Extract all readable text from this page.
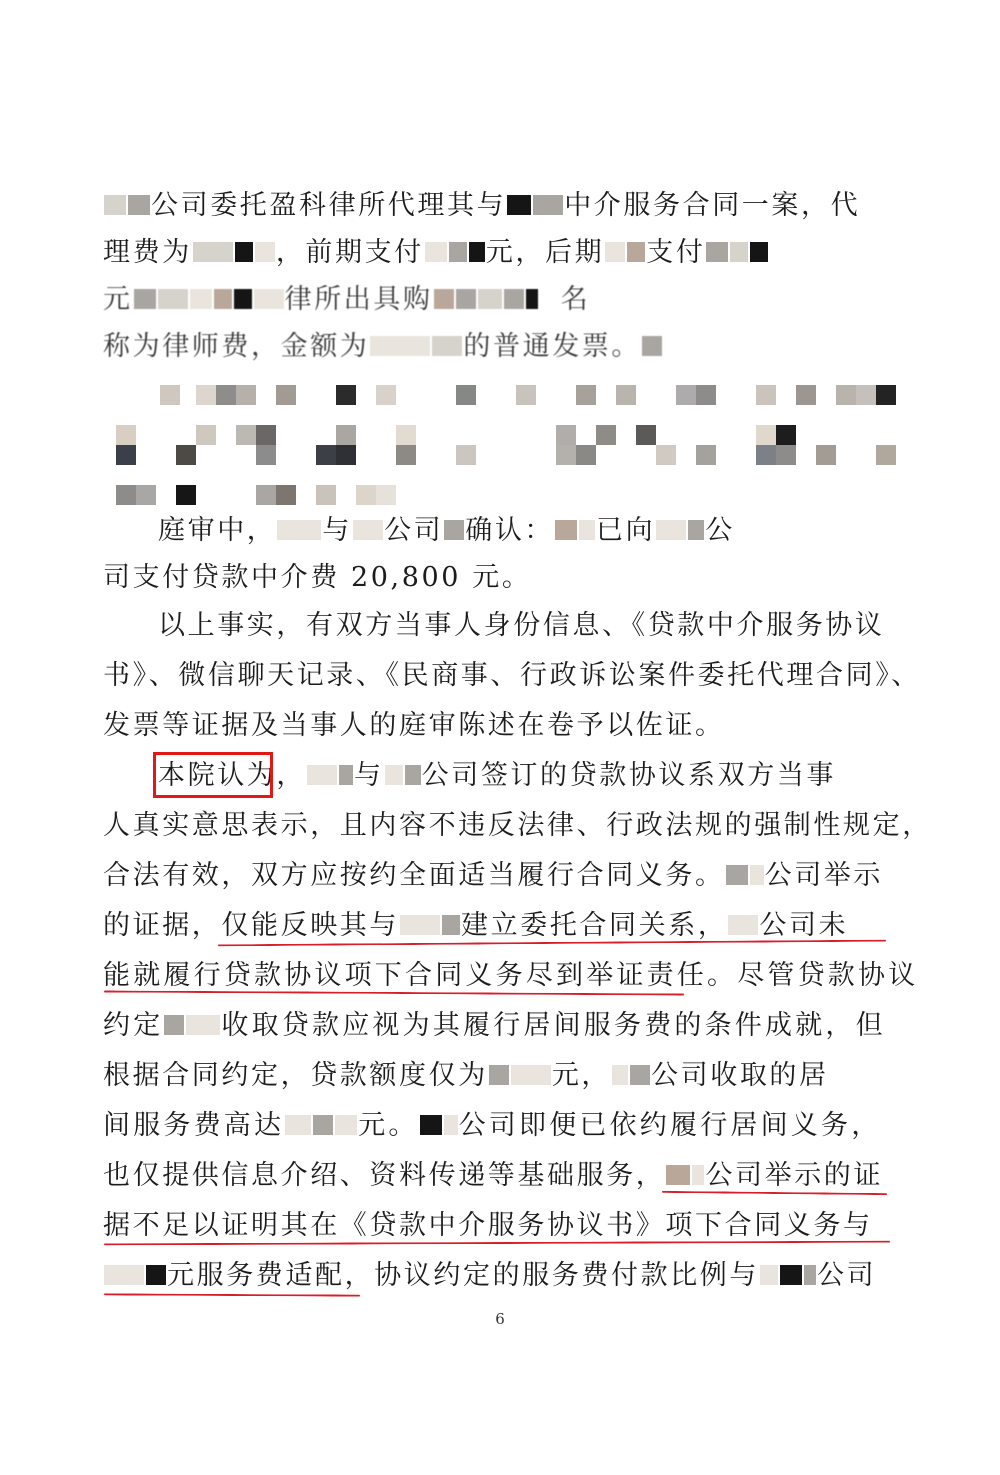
公司委托盈科律所代理其与 中介服务合同一案，代
理费为	，前期支付 元，后期 支付
元	律所出具购	名
称为律师费，金额为	的普通发票。
庭审中， 与 公司 确认： 已向 公
司支付贷款中介费 20,800 元。
以上事实，有双方当事人身份信息、《贷款中介服务协议
书》、微信聊天记录、《民商事、行政诉讼案件委托代理合同》、
发票等证据及当事人的庭审陈述在卷予以佐证。
本院认为， 与 公司签订的贷款协议系双方当事
人真实意思表示，且内容不违反法律、行政法规的强制性规定，
合法有效，双方应按约全面适当履行合同义务。 公司举示
的证据，仅能反映其与 建立委托合同关系， 公司未
能就履行贷款协议项下合同义务尽到举证责任。尽管贷款协议
约定 收取贷款应视为其履行居间服务费的条件成就，但
根据合同约定，贷款额度仅为 元， 公司收取的居
间服务费高达	元。 公司即便已依约履行居间义务，
也仅提供信息介绍、资料传递等基础服务， 公司举示的证
据不足以证明其在《贷款中介服务协议书》项下合同义务与
元服务费适配，协议约定的服务费付款比例与 公司
6
